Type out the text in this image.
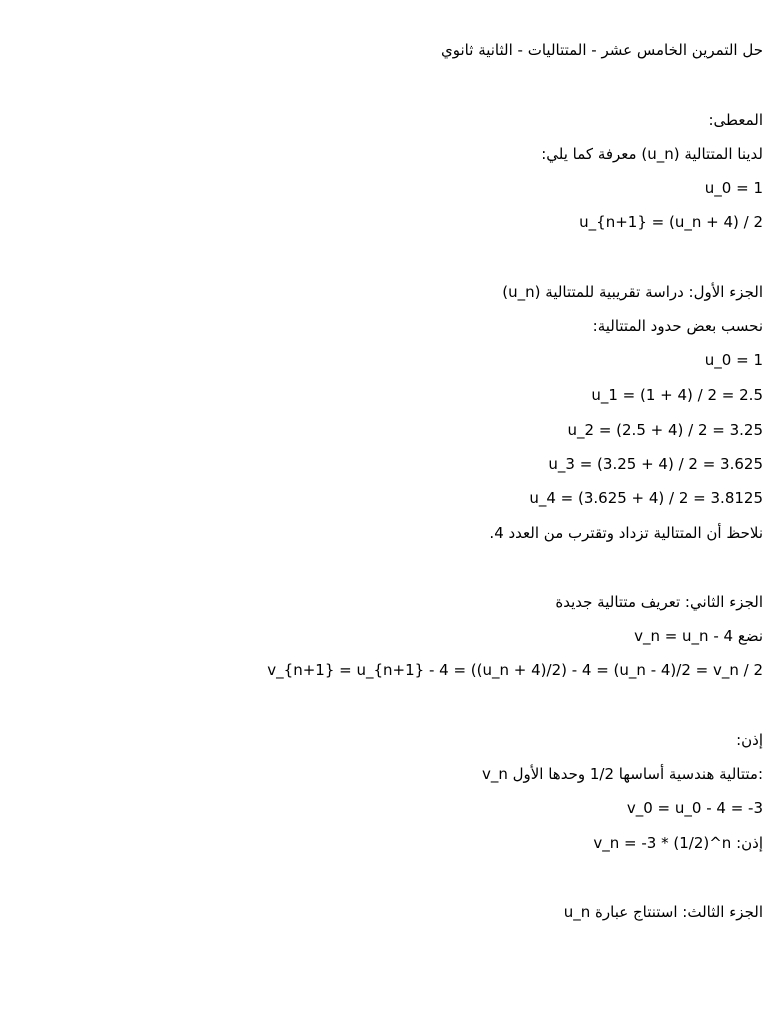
حل التمرين الخامس عشر - المتتاليات - الثانية ثانوي
المعطى:
لدينا المتتالية (u_n) معرفة كما يلي:
u_0 = 1
u_{n+1} = (u_n + 4) / 2
الجزء الأول: دراسة تقريبية للمتتالية (u_n)
نحسب بعض حدود المتتالية:
u_0 = 1
u_1 = (1 + 4) / 2 = 2.5
u_2 = (2.5 + 4) / 2 = 3.25
u_3 = (3.25 + 4) / 2 = 3.625
u_4 = (3.625 + 4) / 2 = 3.8125
نلاحظ أن المتتالية تزداد وتقترب من العدد 4.
الجزء الثاني: تعريف متتالية جديدة
نضع v_n = u_n - 4
v_{n+1} = u_{n+1} - 4 = ((u_n + 4)/2) - 4 = (u_n - 4)/2 = v_n / 2
إذن:
v_n متتالية هندسية أساسها 1/2 وحدها الأول:
v_0 = u_0 - 4 = -3
إذن: v_n = -3 * (1/2)^n
الجزء الثالث: استنتاج عبارة u_n
